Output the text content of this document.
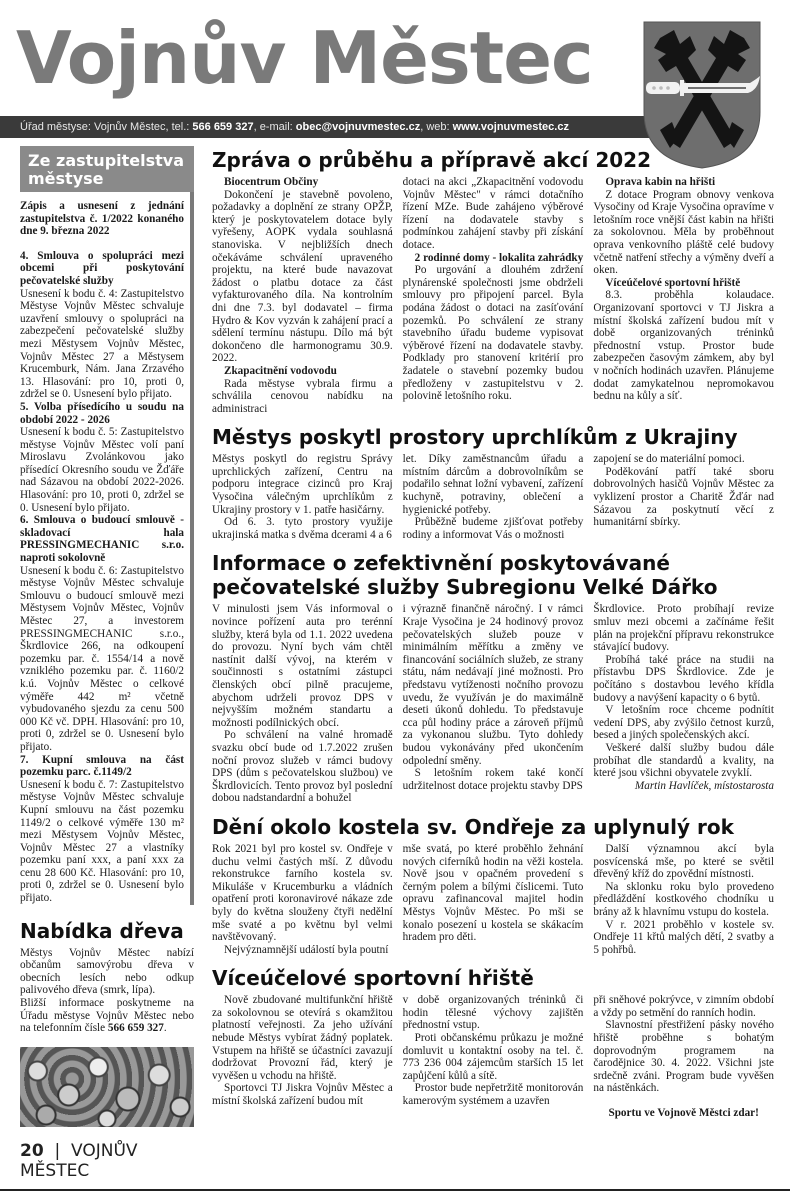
Vojnův Městec
Úřad městyse: Vojnův Městec, tel.: 566 659 327, e-mail: obec@vojnuvmestec.cz, web: www.vojnuvmestec.cz
Ze zastupitelstva městyse

Zápis a usnesení z jednání zastupitelstva č. 1/2022 konaného dne 9. března 2022

4. Smlouva o spolupráci mezi obcemi při poskytování pečovatelské služby

Usnesení k bodu č. 4: Zastupitelstvo Městyse Vojnův Městec schvaluje uzavření smlouvy o spolupráci na zabezpečení pečovatelské služby mezi Městysem Vojnův Městec, Vojnův Městec 27 a Městysem Krucemburk, Nám. Jana Zrzavého 13. Hlasování: pro 10, proti 0, zdržel se 0. Usnesení bylo přijato.

5. Volba přísedícího u soudu na období 2022 - 2026

Usnesení k bodu č. 5: Zastupitelstvo městyse Vojnův Městec volí paní Miroslavu Zvolánkovou jako přísedící Okresního soudu ve Žďáře nad Sázavou na období 2022-2026. Hlasování: pro 10, proti 0, zdržel se 0. Usnesení bylo přijato.

6. Smlouva o budoucí smlouvě - skladovací hala PRESSINGMECHANIC s.r.o. naproti sokolovně

Usnesení k bodu č. 6: Zastupitelstvo městyse Vojnův Městec schvaluje Smlouvu o budoucí smlouvě mezi Městysem Vojnův Městec, Vojnův Městec 27, a investorem PRESSINGMECHANIC s.r.o., Škrdlovice 266, na odkoupení pozemku par. č. 1554/14 a nově vzniklého pozemku par. č. 1160/2 k.ú. Vojnův Městec o celkové výměře 442 m² včetně vybudovaného sjezdu za cenu 500 000 Kč vč. DPH. Hlasování: pro 10, proti 0, zdržel se 0. Usnesení bylo přijato.

7. Kupní smlouva na část pozemku parc. č.1149/2

Usnesení k bodu č. 7: Zastupitelstvo městyse Vojnův Městec schvaluje Kupní smlouvu na část pozemku 1149/2 o celkové výměře 130 m² mezi Městysem Vojnův Městec, Vojnův Městec 27 a vlastníky pozemku paní xxx, a paní xxx za cenu 28 600 Kč. Hlasování: pro 10, proti 0, zdržel se 0. Usnesení bylo přijato.

Nabídka dřeva

Městys Vojnův Městec nabízí občanům samovýrobu dřeva v obecních lesích nebo odkup palivového dřeva (smrk, lípa).

Bližší informace poskytneme na Úřadu městyse Vojnův Městec nebo na telefonním čísle 566 659 327.

20 | VOJNŮV MĚSTEC
Zpráva o průběhu a přípravě akcí 2022

Biocentrum Občiny

Dokončení je stavebně povoleno, požadavky a doplnění ze strany OPŽP, který je poskytovatelem dotace byly vyřešeny, AOPK vydala souhlasná stanoviska. V nejbližších dnech očekáváme schválení upraveného projektu, na které bude navazovat žádost o platbu dotace za část vyfakturovaného díla. Na kontrolním dni dne 7.3. byl dodavatel – firma Hydro & Kov vyzván k zahájení prací a sdělení termínu nástupu. Dílo má být dokončeno dle harmonogramu 30.9. 2022.

Zkapacitnění vodovodu

Rada městyse vybrala firmu a schválila cenovou nabídku na administraci

dotaci na akci „Zkapacitnění vodovodu Vojnův Městec" v rámci dotačního řízení MZe. Bude zahájeno výběrové řízení na dodavatele stavby s podmínkou zahájení stavby při získání dotace.

2 rodinné domy - lokalita zahrádky

Po urgování a dlouhém zdržení plynárenské společnosti jsme obdrželi smlouvy pro připojení parcel. Byla podána žádost o dotaci na zasíťování pozemků. Po schválení ze strany stavebního úřadu budeme vypisovat výběrové řízení na dodavatele stavby. Podklady pro stanovení kritérií pro žadatele o stavební pozemky budou předloženy v zastupitelstvu v 2. polovině letošního roku.

Oprava kabin na hřišti

Z dotace Program obnovy venkova Vysočiny od Kraje Vysočina opravíme v letošním roce vnější část kabin na hřišti za sokolovnou. Měla by proběhnout oprava venkovního pláště celé budovy včetně natření střechy a výměny dveří a oken.

Víceúčelové sportovní hřiště

8.3. proběhla kolaudace. Organizovaní sportovci v TJ Jiskra a místní školská zařízení budou mít v době organizovaných tréninků přednostní vstup. Prostor bude zabezpečen časovým zámkem, aby byl v nočních hodinách uzavřen. Plánujeme dodat zamykatelnou nepromokavou bednu na kůly a síť.

Městys poskytl prostory uprchlíkům z Ukrajiny

Městys poskytl do registru Správy uprchlických zařízení, Centru na podporu integrace cizinců pro Kraj Vysočina válečným uprchlíkům z Ukrajiny prostory v 1. patře hasičárny.

Od 6. 3. tyto prostory využije ukrajinská matka s dvěma dcerami 4 a 6

let. Díky zaměstnancům úřadu a místním dárcům a dobrovolníkům se podařilo sehnat ložní vybavení, zařízení kuchyně, potraviny, oblečení a hygienické potřeby.

Průběžně budeme zjišťovat potřeby rodiny a informovat Vás o možnosti

zapojení se do materiální pomoci.

Poděkování patří také sboru dobrovolných hasičů Vojnův Městec za vyklizení prostor a Charitě Žďár nad Sázavou za poskytnutí věcí z humanitární sbírky.

Informace o zefektivnění poskytovávané pečovatelské služby Subregionu Velké Dářko

V minulosti jsem Vás informoval o novince pořízení auta pro terénní služby, která byla od 1.1. 2022 uvedena do provozu. Nyní bych vám chtěl nastínit další vývoj, na kterém v součinnosti s ostatními zástupci členských obcí pilně pracujeme, abychom udrželi provoz DPS v nejvyšším možném standartu a možnosti podílnických obcí.

Po schválení na valné hromadě svazku obcí bude od 1.7.2022 zrušen noční provoz služeb v rámci budovy DPS (dům s pečovatelskou službou) ve Škrdlovicích. Tento provoz byl poslední dobou nadstandardní a bohužel

i výrazně finančně náročný. I v rámci Kraje Vysočina je 24 hodinový provoz pečovatelských služeb pouze v minimálním měřítku a změny ve financování sociálních služeb, ze strany státu, nám nedávají jiné možnosti. Pro představu vytíženosti nočního provozu uvedu, že využíván je do maximálně deseti úkonů dohledu. To představuje cca půl hodiny práce a zároveň příjmů za vykonanou službu. Tyto dohledy budou vykonávány před ukončením odpolední směny.

S letošním rokem také končí udržitelnost dotace projektu stavby DPS

Škrdlovice. Proto probíhají revize smluv mezi obcemi a začínáme řešit plán na projekční přípravu rekonstrukce stávající budovy.

Probíhá také práce na studii na přístavbu DPS Škrdlovice. Zde je počítáno s dostavbou levého křídla budovy a navýšení kapacity o 6 bytů.

V letošním roce chceme podnítit vedení DPS, aby zvýšilo četnost kurzů, besed a jiných společenských akcí.

Veškeré další služby budou dále probíhat dle standardů a kvality, na které jsou všichni obyvatele zvyklí.

Martin Havlíček, místostarosta

Dění okolo kostela sv. Ondřeje za uplynulý rok

Rok 2021 byl pro kostel sv. Ondřeje v duchu velmi častých mší. Z důvodu rekonstrukce farního kostela sv. Mikuláše v Krucemburku a vládních opatření proti koronavirové nákaze zde byly do května slouženy čtyři nedělní mše svaté a po květnu byl velmi navštěvovaný.

Nejvýznamnější událostí byla poutní

mše svatá, po které proběhlo žehnání nových ciferníků hodin na věži kostela. Nově jsou v opačném provedení s černým polem a bílými číslicemi. Tuto opravu zafinancoval majitel hodin Městys Vojnův Městec. Po mši se konalo posezení u kostela se skákacím hradem pro děti.

Další významnou akcí byla posvícenská mše, po které se světil dřevěný kříž do zpovědní místnosti.

Na sklonku roku bylo provedeno předláždění kostkového chodníku u brány až k hlavnímu vstupu do kostela.

V r. 2021 proběhlo v kostele sv. Ondřeje 11 křtů malých dětí, 2 svatby a 5 pohřbů.

Víceúčelové sportovní hřiště

Nově zbudované multifunkční hřiště za sokolovnou se otevírá s okamžitou platností veřejnosti. Za jeho užívání nebude Městys vybírat žádný poplatek. Vstupem na hřiště se účastníci zavazují dodržovat Provozní řád, který je vyvěšen u vchodu na hřiště.

Sportovci TJ Jiskra Vojnův Městec a místní školská zařízení budou mít

v době organizovaných tréninků či hodin tělesné výchovy zajištěn přednostní vstup.

Proti občanskému průkazu je možné domluvit u kontaktní osoby na tel. č. 773 236 004 zájemcům starších 15 let zapůjčení kůlů a sítě.

Prostor bude nepřetržitě monitorován kamerovým systémem a uzavřen

při sněhové pokrývce, v zimním období a vždy po setmění do ranních hodin.

Slavnostní přestřižení pásky nového hřiště proběhne s bohatým doprovodným programem na čarodějnice 30. 4. 2022. Všichni jste srdečně zváni. Program bude vyvěšen na nástěnkách.

Sportu ve Vojnově Městci zdar!
